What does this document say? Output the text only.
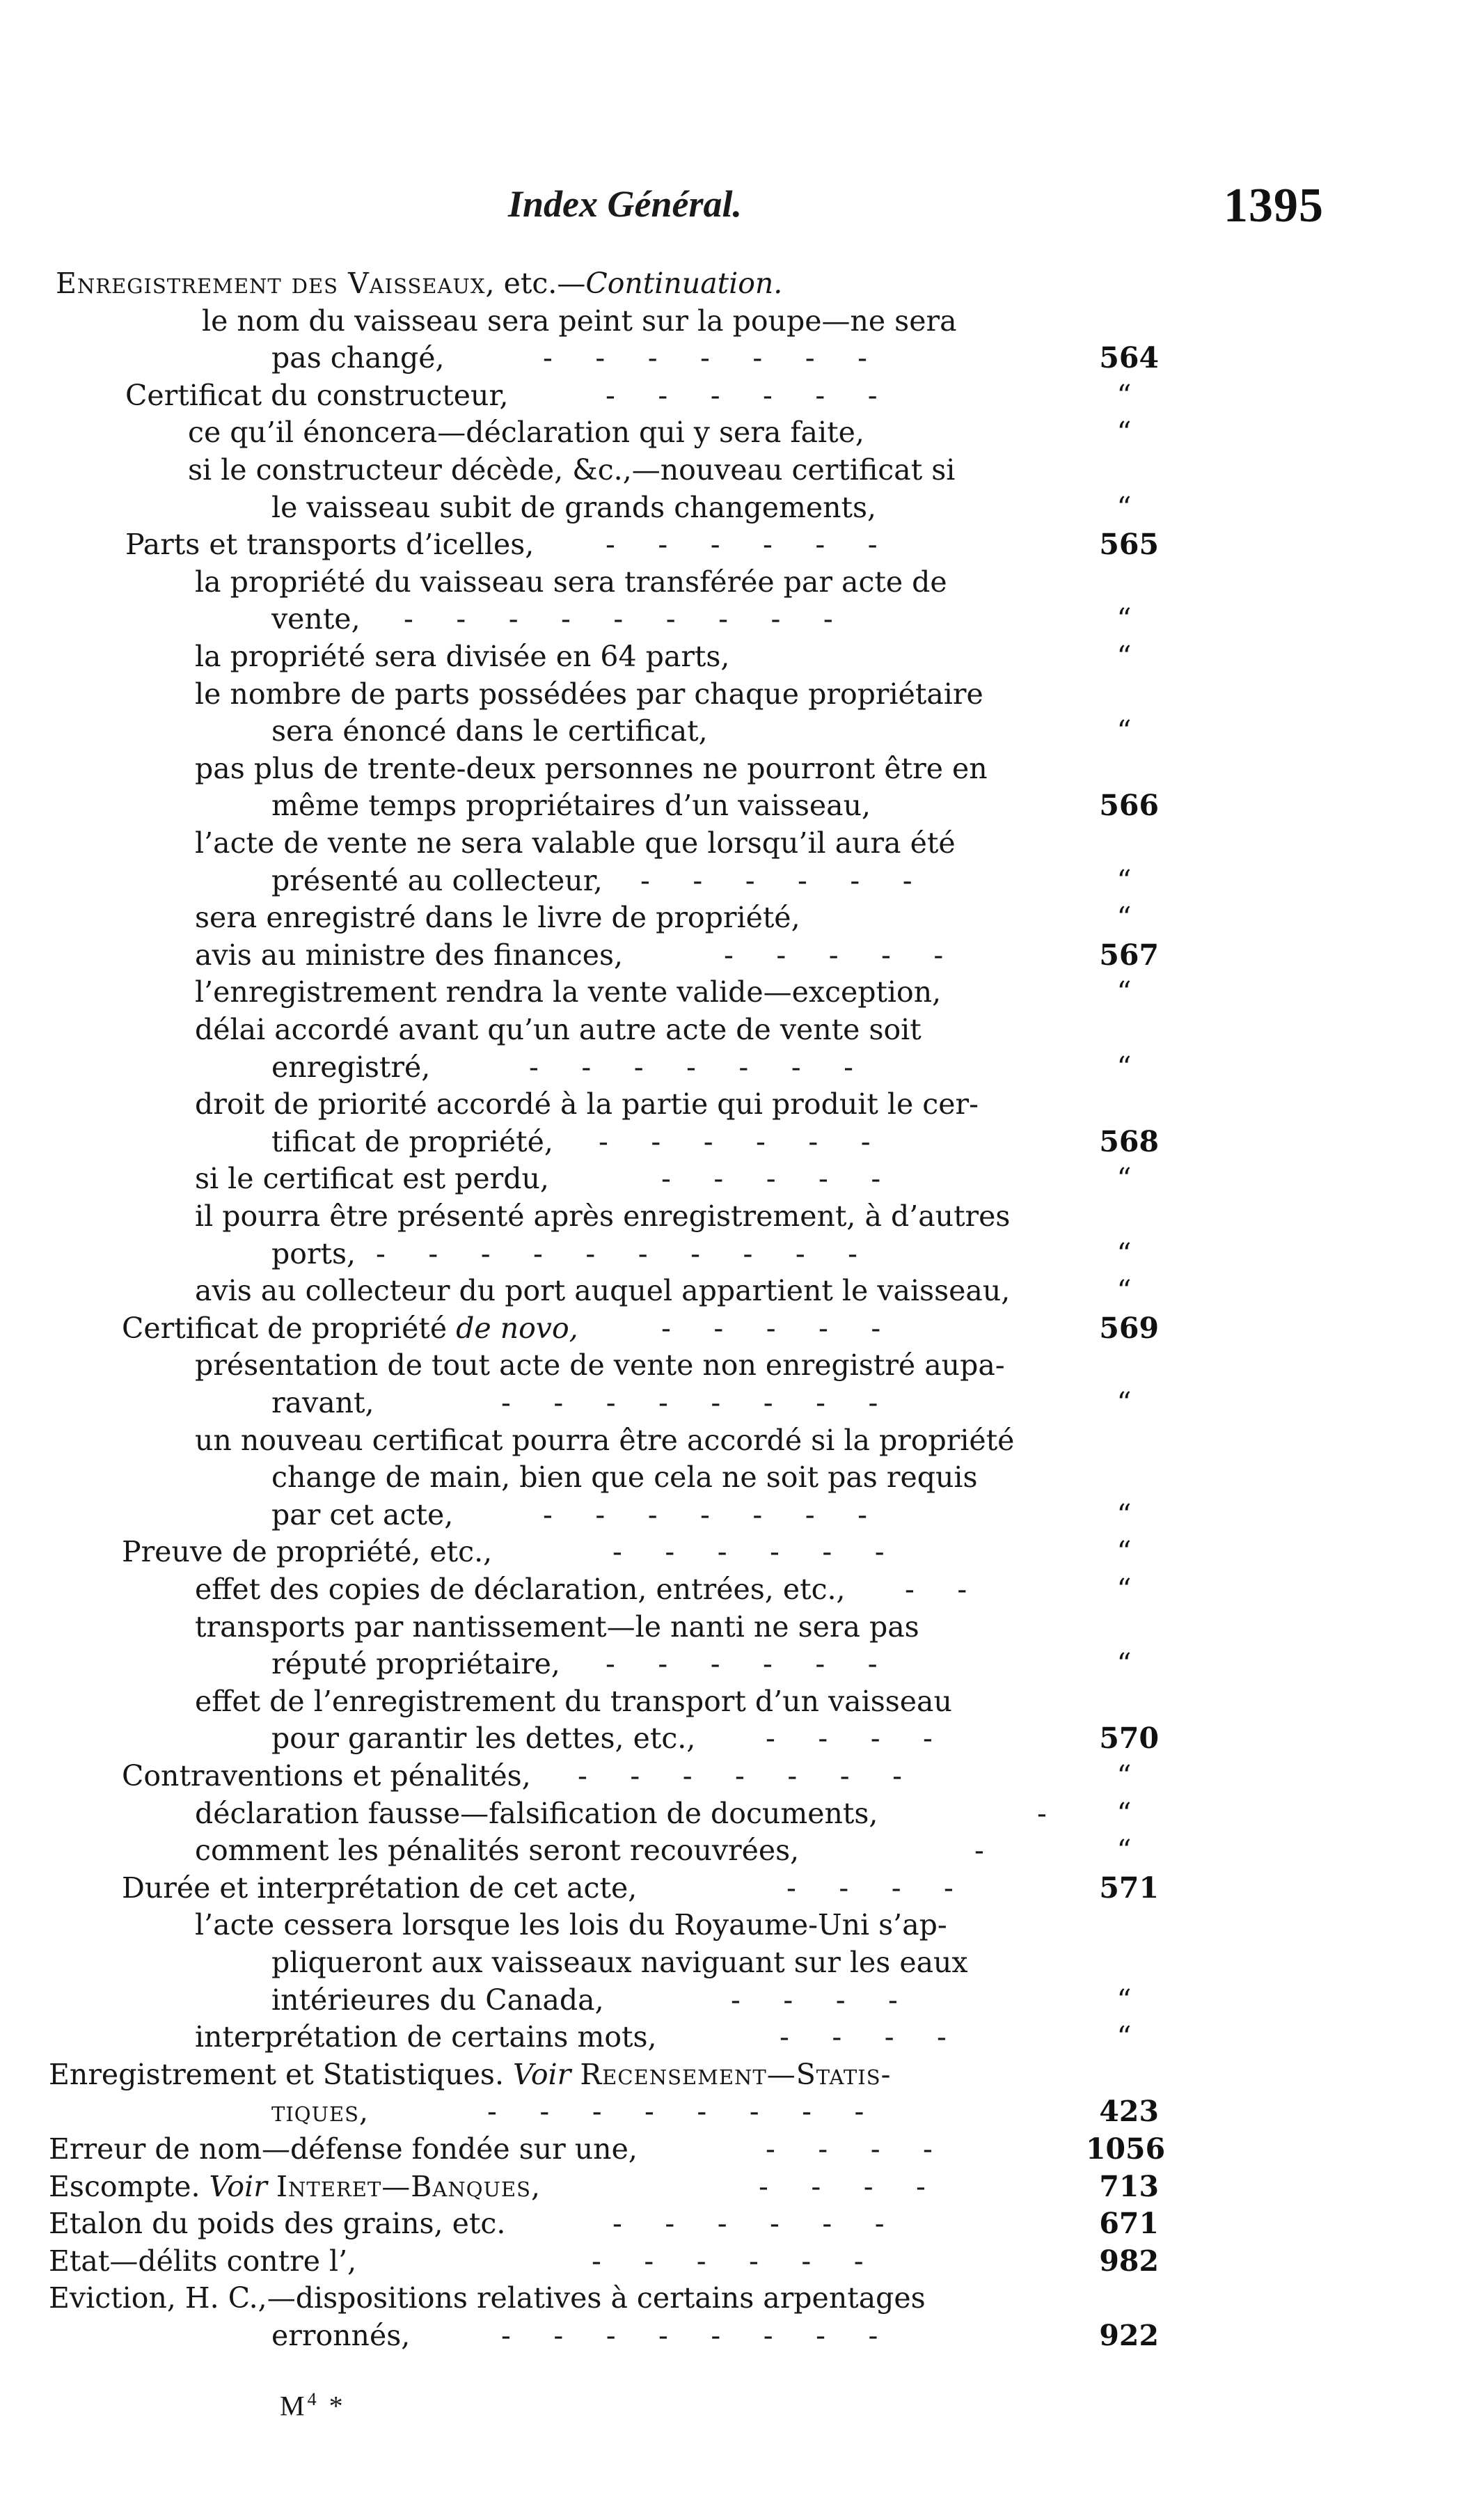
Index Général.	1395
Enregistrement des Vaisseaux, etc.—Continuation.
le nom du vaisseau sera peint sur la poupe—ne sera
pas changé,	-  -  -  -  -  -  -	564
Certificat du constructeur,	-  -  -  -  -  -	“
ce qu’il énoncera—déclaration qui y sera faite,	“
si le constructeur décède, &c.,—nouveau certificat si
le vaisseau subit de grands changements,	“
Parts et transports d’icelles,	-  -  -  -  -  -	565
la propriété du vaisseau sera transférée par acte de
vente, -  -  -  -  -  -  -  -  -	“
la propriété sera divisée en 64 parts,	“
le nombre de parts possédées par chaque propriétaire
sera énoncé dans le certificat,	“
pas plus de trente-deux personnes ne pourront être en
même temps propriétaires d’un vaisseau,	566
l’acte de vente ne sera valable que lorsqu’il aura été
présenté au collecteur, -  -  -  -  -  -	“
sera enregistré dans le livre de propriété,	“
avis au ministre des finances,	-  -  -  -  -	567
l’enregistrement rendra la vente valide—exception,	“
délai accordé avant qu’un autre acte de vente soit
enregistré,	-  -  -  -  -  -  -	“
droit de priorité accordé à la partie qui produit le cer-
tificat de propriété, -  -  -  -  -  -	568
si le certificat est perdu,	-  -  -  -  -	“
il pourra être présenté après enregistrement, à d’autres
ports, -  -  -  -  -  -  -  -  -  -	“
avis au collecteur du port auquel appartient le vaisseau,	“
Certificat de propriété de novo,	-  -  -  -  -	569
présentation de tout acte de vente non enregistré aupa-
ravant,	-  -  -  -  -  -  -  -	“
un nouveau certificat pourra être accordé si la propriété
change de main, bien que cela ne soit pas requis
par cet acte,	-  -  -  -  -  -  -	“
Preuve de propriété, etc.,	-  -  -  -  -  -	“
effet des copies de déclaration, entrées, etc., -  -	“
transports par nantissement—le nanti ne sera pas
réputé propriétaire, -  -  -  -  -  -	“
effet de l’enregistrement du transport d’un vaisseau
pour garantir les dettes, etc., -  -  -  -	570
Contraventions et pénalités, -  -  -  -  -  -  -	“
déclaration fausse—falsification de documents,	- “
comment les pénalités seront recouvrées,	-	“
Durée et interprétation de cet acte,	-  -  -  -	571
l’acte cessera lorsque les lois du Royaume-Uni s’ap-
pliqueront aux vaisseaux naviguant sur les eaux
intérieures du Canada,	-  -  -  -	“
interprétation de certains mots,	-  -  -  -	“
Enregistrement et Statistiques. Voir Recensement—Statis-
tiques,	-  -  -  -  -  -  -  -	423
Erreur de nom—défense fondée sur une,	-  -  -  -	1056
Escompte. Voir Interet—Banques,	-  -  -  -	713
Etalon du poids des grains, etc.	-  -  -  -  -  -	671
Etat—délits contre l’,	-  -  -  -  -  -	982
Eviction, H. C.,—dispositions relatives à certains arpentages
erronnés,	-  -  -  -  -  -  -  -	922
$M^4$ *
